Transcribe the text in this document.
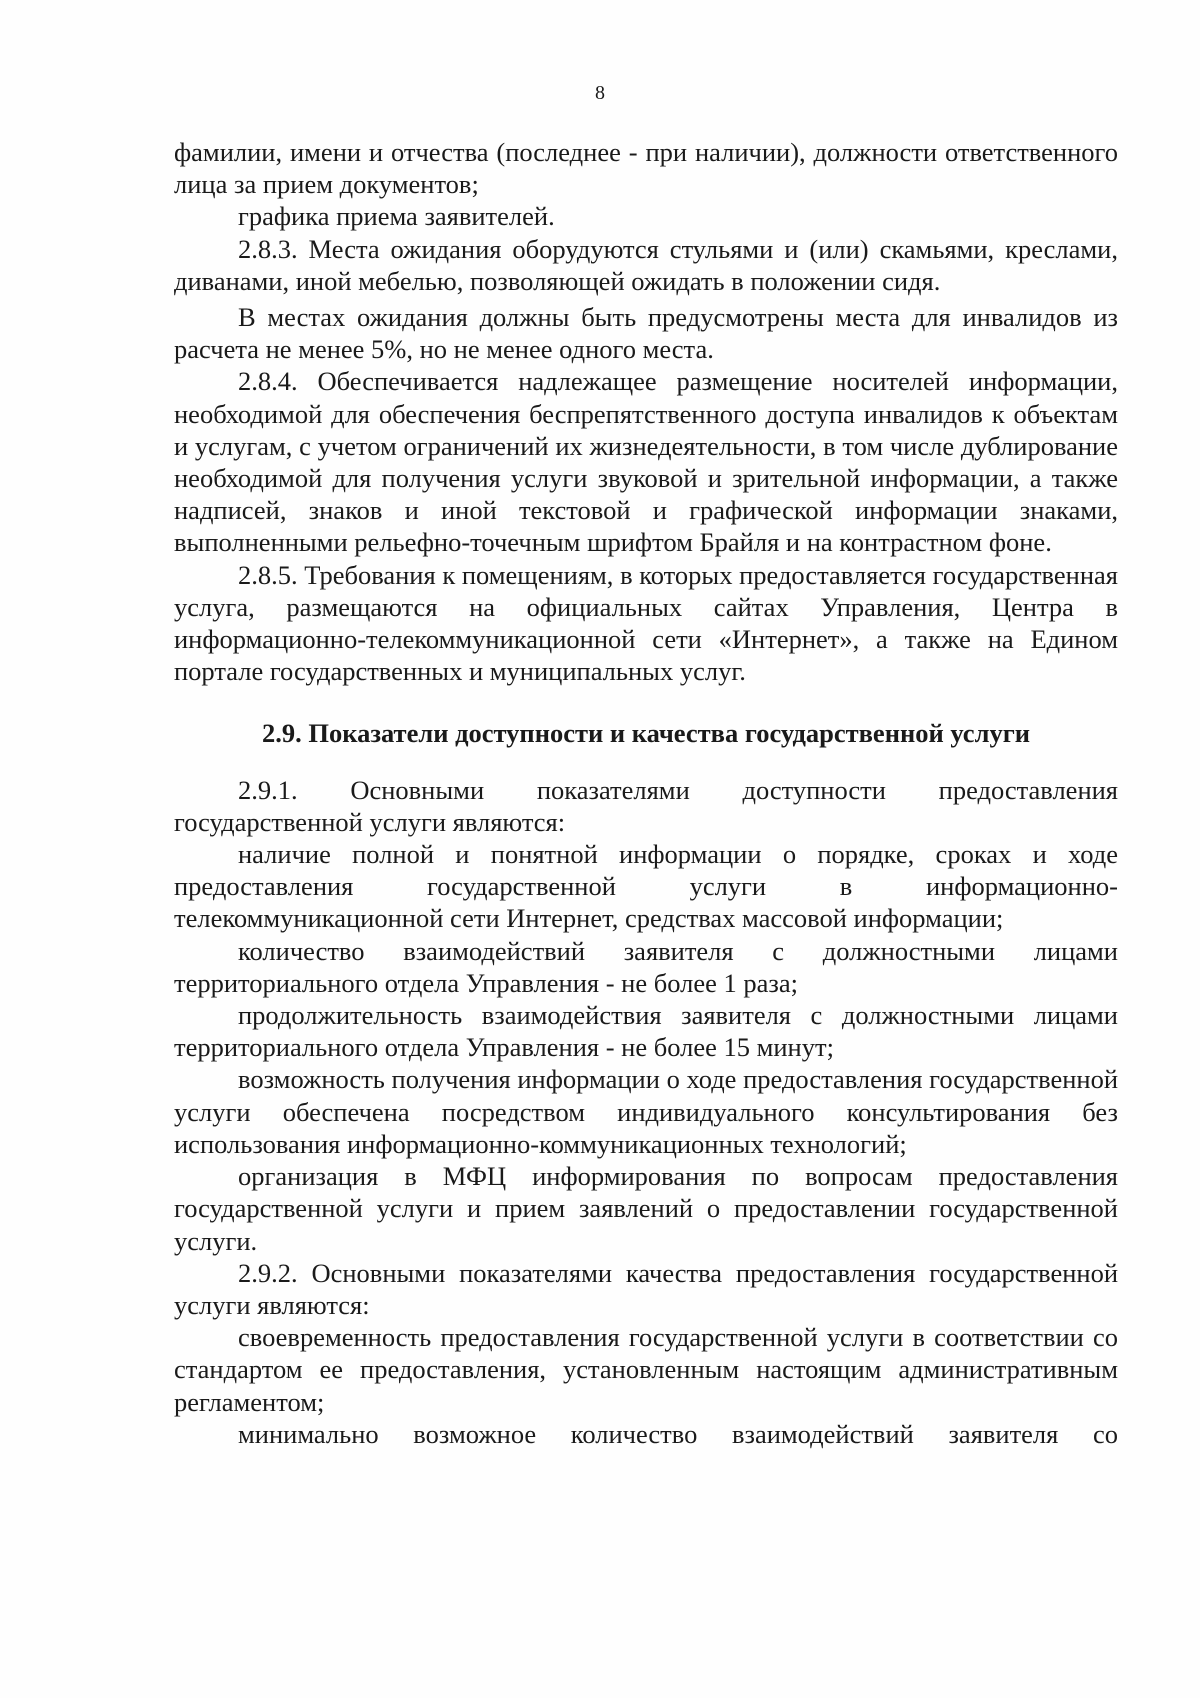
8

фамилии, имени и отчества (последнее - при наличии), должности ответственного лица за прием документов;

графика приема заявителей.

2.8.3. Места ожидания оборудуются стульями и (или) скамьями, креслами, диванами, иной мебелью, позволяющей ожидать в положении сидя.

В местах ожидания должны быть предусмотрены места для инвалидов из расчета не менее 5%, но не менее одного места.

2.8.4. Обеспечивается надлежащее размещение носителей информации, необходимой для обеспечения беспрепятственного доступа инвалидов к объектам и услугам, с учетом ограничений их жизнедеятельности, в том числе дублирование необходимой для получения услуги звуковой и зрительной информации, а также надписей, знаков и иной текстовой и графической информации знаками, выполненными рельефно-точечным шрифтом Брайля и на контрастном фоне.

2.8.5. Требования к помещениям, в которых предоставляется государственная услуга, размещаются на официальных сайтах Управления, Центра в информационно-телекоммуникационной сети «Интернет», а также на Едином портале государственных и муниципальных услуг.

2.9. Показатели доступности и качества государственной услуги

2.9.1. Основными показателями доступности предоставления государственной услуги являются:

наличие полной и понятной информации о порядке, сроках и ходе предоставления государственной услуги в информационно-телекоммуникационной сети Интернет, средствах массовой информации;

количество взаимодействий заявителя с должностными лицами территориального отдела Управления - не более 1 раза;

продолжительность взаимодействия заявителя с должностными лицами территориального отдела Управления - не более 15 минут;

возможность получения информации о ходе предоставления государственной услуги обеспечена посредством индивидуального консультирования без использования информационно-коммуникационных технологий;

организация в МФЦ информирования по вопросам предоставления государственной услуги и прием заявлений о предоставлении государственной услуги.

2.9.2. Основными показателями качества предоставления государственной услуги являются:

своевременность предоставления государственной услуги в соответствии со стандартом ее предоставления, установленным настоящим административным регламентом;

минимально возможное количество взаимодействий заявителя со
